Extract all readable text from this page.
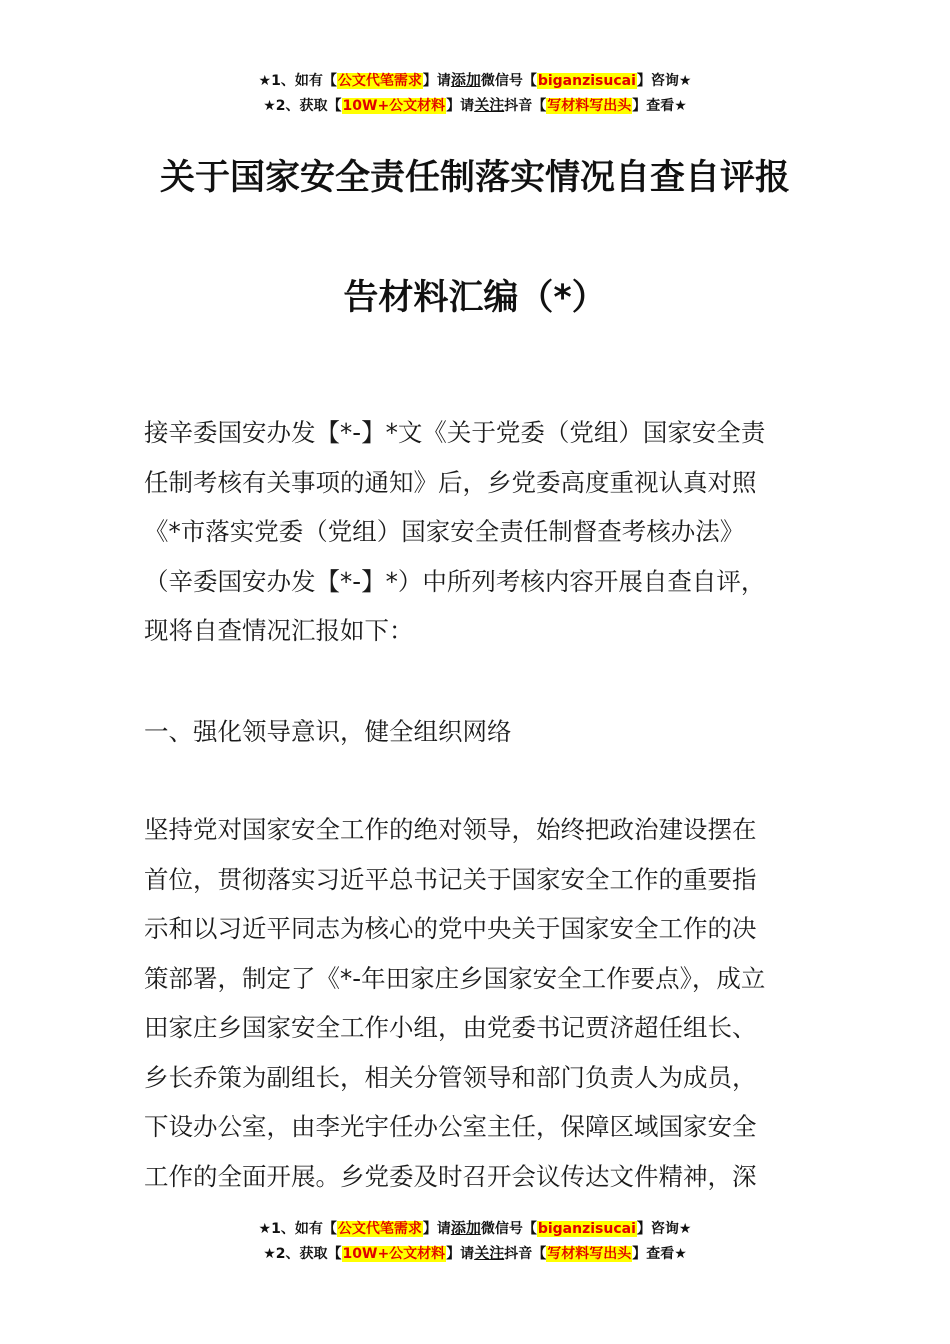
★1、如有【公文代笔需求】请添加微信号【biganzisucai】咨询★
★2、获取【10W+公文材料】请关注抖音【写材料写出头】查看★
关于国家安全责任制落实情况自查自评报
告材料汇编（*）
接辛委国安办发【*-】*文《关于党委（党组）国家安全责
任制考核有关事项的通知》后，乡党委高度重视认真对照
《*市落实党委（党组）国家安全责任制督查考核办法》
（辛委国安办发【*-】*）中所列考核内容开展自查自评，
现将自查情况汇报如下：
一、强化领导意识，健全组织网络
坚持党对国家安全工作的绝对领导，始终把政治建设摆在
首位，贯彻落实习近平总书记关于国家安全工作的重要指
示和以习近平同志为核心的党中央关于国家安全工作的决
策部署，制定了《*-年田家庄乡国家安全工作要点》，成立
田家庄乡国家安全工作小组，由党委书记贾济超任组长、
乡长乔策为副组长，相关分管领导和部门负责人为成员，
下设办公室，由李光宇任办公室主任，保障区域国家安全
工作的全面开展。乡党委及时召开会议传达文件精神，深
★1、如有【公文代笔需求】请添加微信号【biganzisucai】咨询★
★2、获取【10W+公文材料】请关注抖音【写材料写出头】查看★
